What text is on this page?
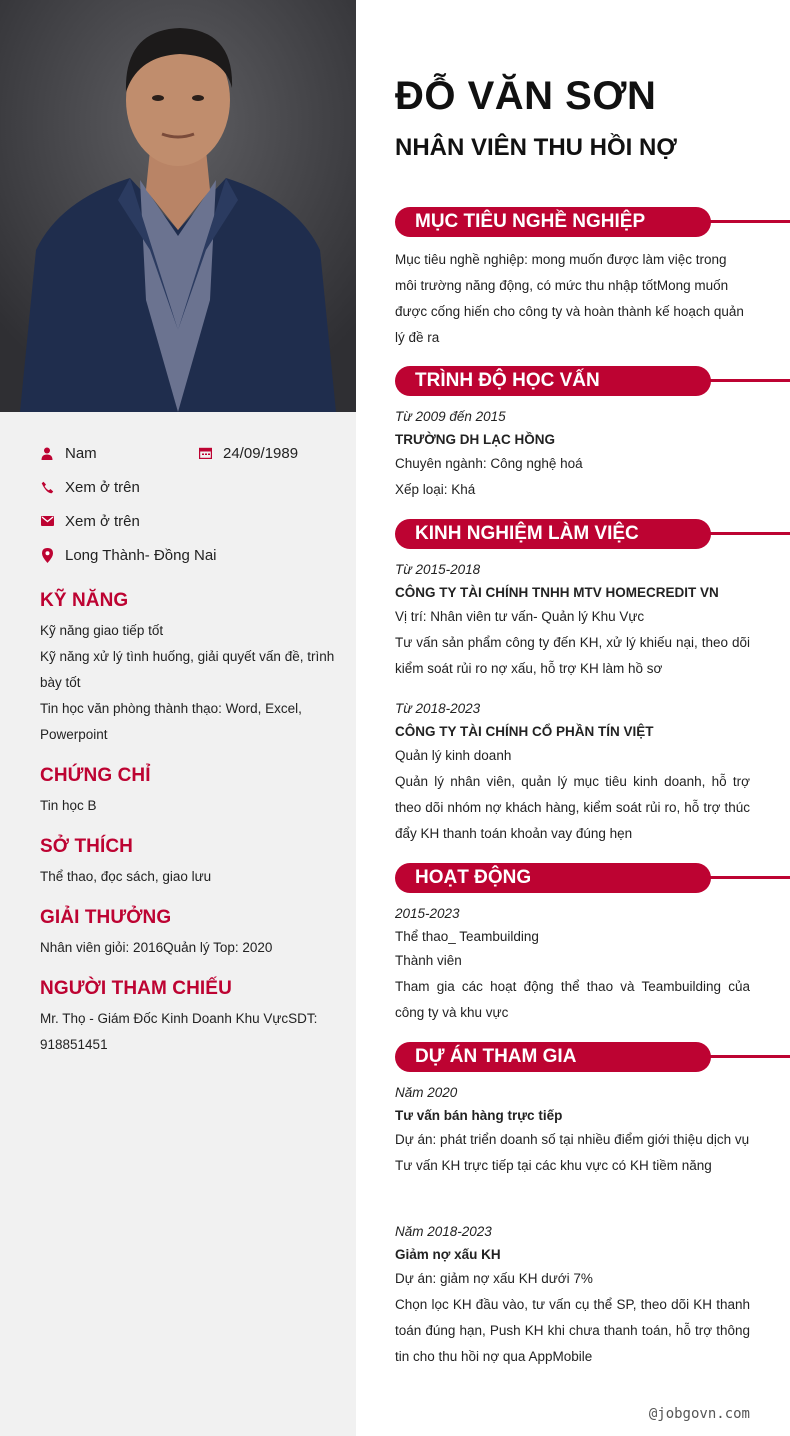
Nam	24/09/1989
Xem ở trên
Xem ở trên
Long Thành- Đồng Nai
KỸ NĂNG

Kỹ năng giao tiếp tốt

Kỹ năng xử lý tình huống, giải quyết vấn đề, trình bày tốt

Tin học văn phòng thành thạo: Word, Excel, Powerpoint

CHỨNG CHỈ

Tin học B

SỞ THÍCH

Thể thao, đọc sách, giao lưu

GIẢI THƯỞNG

Nhân viên giỏi: 2016Quản lý Top: 2020

NGƯỜI THAM CHIẾU

Mr. Thọ - Giám Đốc Kinh Doanh Khu VựcSDT: 918851451

ĐỖ VĂN SƠN
NHÂN VIÊN THU HỒI NỢ
MỤC TIÊU NGHỀ NGHIỆP

Mục tiêu nghề nghiệp: mong muốn được làm việc trong môi trường năng động, có mức thu nhập tốtMong muốn được cống hiến cho công ty và hoàn thành kế hoạch quản lý đề ra

TRÌNH ĐỘ HỌC VẤN

Từ 2009 đến 2015

TRƯỜNG DH LẠC HỒNG

Chuyên ngành: Công nghệ hoá

Xếp loại: Khá

KINH NGHIỆM LÀM VIỆC

Từ 2015-2018

CÔNG TY TÀI CHÍNH TNHH MTV HOMECREDIT VN

Vị trí: Nhân viên tư vấn- Quản lý Khu Vực

Tư vấn sản phẩm công ty đến KH, xử lý khiếu nại, theo dõi kiểm soát rủi ro nợ xấu, hỗ trợ KH làm hồ sơ

Từ 2018-2023

CÔNG TY TÀI CHÍNH CỔ PHẦN TÍN VIỆT

Quản lý kinh doanh

Quản lý nhân viên, quản lý mục tiêu kinh doanh, hỗ trợ theo dõi nhóm nợ khách hàng, kiểm soát rủi ro, hỗ trợ thúc đẩy KH thanh toán khoản vay đúng hẹn

HOẠT ĐỘNG

2015-2023

Thể thao_ Teambuilding

Thành viên

Tham gia các hoạt động thể thao và Teambuilding của công ty và khu vực

DỰ ÁN THAM GIA

Năm 2020

Tư vấn bán hàng trực tiếp

Dự án: phát triển doanh số tại nhiều điểm giới thiệu dịch vụ

Tư vấn KH trực tiếp tại các khu vực có KH tiềm năng

Năm 2018-2023

Giảm nợ xấu KH

Dự án: giảm nợ xấu KH dưới 7%

Chọn lọc KH đầu vào, tư vấn cụ thể SP, theo dõi KH thanh toán đúng hạn, Push KH khi chưa thanh toán, hỗ trợ thông tin cho thu hồi nợ qua AppMobile

@jobgovn.com
